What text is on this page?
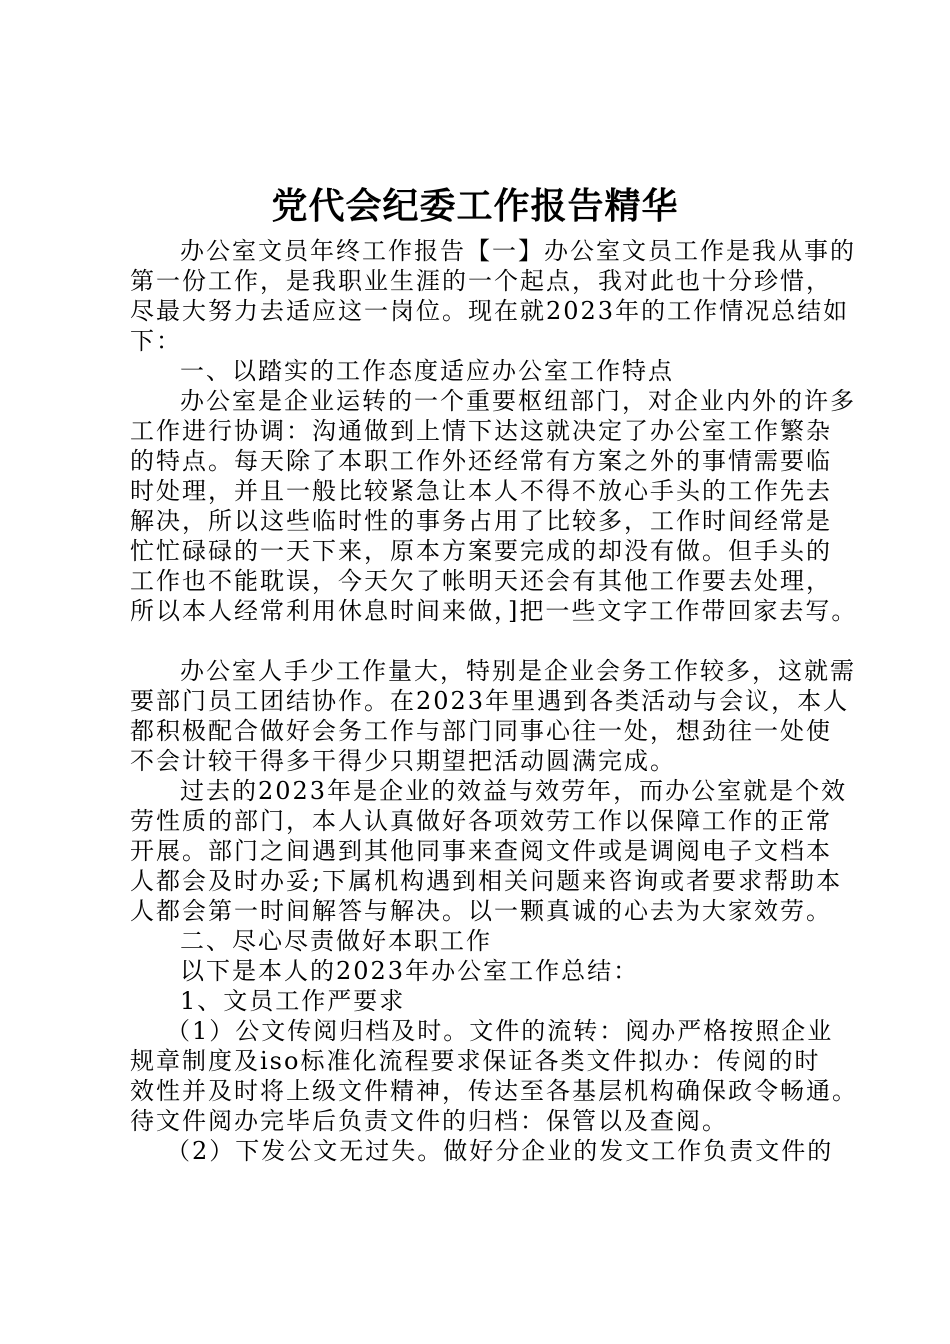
党代会纪委工作报告精华
办公室文员年终工作报告【一】办公室文员工作是我从事的
第一份工作，是我职业生涯的一个起点，我对此也十分珍惜，
尽最大努力去适应这一岗位。现在就2023年的工作情况总结如
下：
一、以踏实的工作态度适应办公室工作特点
办公室是企业运转的一个重要枢纽部门，对企业内外的许多
工作进行协调：沟通做到上情下达这就决定了办公室工作繁杂
的特点。每天除了本职工作外还经常有方案之外的事情需要临
时处理，并且一般比较紧急让本人不得不放心手头的工作先去
解决，所以这些临时性的事务占用了比较多，工作时间经常是
忙忙碌碌的一天下来，原本方案要完成的却没有做。但手头的
工作也不能耽误，今天欠了帐明天还会有其他工作要去处理，
所以本人经常利用休息时间来做，]把一些文字工作带回家去写。
办公室人手少工作量大，特别是企业会务工作较多，这就需
要部门员工团结协作。在2023年里遇到各类活动与会议，本人
都积极配合做好会务工作与部门同事心往一处，想劲往一处使
不会计较干得多干得少只期望把活动圆满完成。
过去的2023年是企业的效益与效劳年，而办公室就是个效
劳性质的部门，本人认真做好各项效劳工作以保障工作的正常
开展。部门之间遇到其他同事来查阅文件或是调阅电子文档本
人都会及时办妥;下属机构遇到相关问题来咨询或者要求帮助本
人都会第一时间解答与解决。以一颗真诚的心去为大家效劳。
二、尽心尽责做好本职工作
以下是本人的2023年办公室工作总结：
1、文员工作严要求
（1）公文传阅归档及时。文件的流转：阅办严格按照企业
规章制度及iso标准化流程要求保证各类文件拟办：传阅的时
效性并及时将上级文件精神，传达至各基层机构确保政令畅通。
待文件阅办完毕后负责文件的归档：保管以及查阅。
（2）下发公文无过失。做好分企业的发文工作负责文件的
